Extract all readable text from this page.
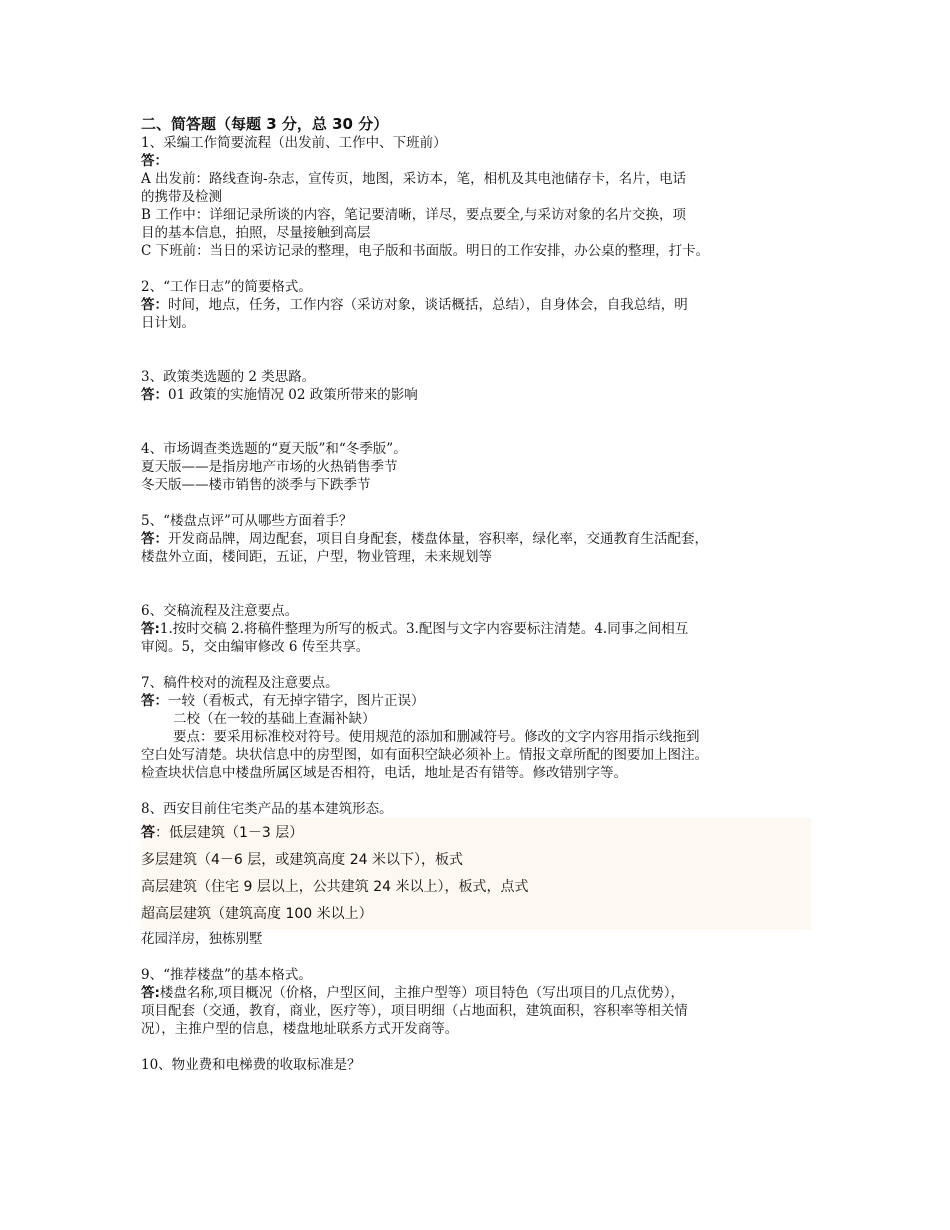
二、简答题（每题 3 分，总 30 分）

1、采编工作简要流程（出发前、工作中、下班前）

答：

A 出发前：路线查询-杂志，宣传页，地图，采访本，笔，相机及其电池储存卡，名片，电话

的携带及检测

B 工作中：详细记录所谈的内容，笔记要清晰，详尽，要点要全,与采访对象的名片交换，项

目的基本信息，拍照，尽量接触到高层

C 下班前：当日的采访记录的整理，电子版和书面版。明日的工作安排，办公桌的整理，打卡。

2、“工作日志”的简要格式。

答：时间，地点，任务，工作内容（采访对象，谈话概括，总结），自身体会，自我总结，明

日计划。

3、政策类选题的 2 类思路。

答：01 政策的实施情况 02 政策所带来的影响

4、市场调查类选题的“夏天版”和“冬季版”。

夏天版——是指房地产市场的火热销售季节

冬天版——楼市销售的淡季与下跌季节

5、“楼盘点评”可从哪些方面着手？

答：开发商品牌，周边配套，项目自身配套，楼盘体量，容积率，绿化率，交通教育生活配套，

楼盘外立面，楼间距，五证，户型，物业管理，未来规划等

6、交稿流程及注意要点。

答:1.按时交稿 2.将稿件整理为所写的板式。3.配图与文字内容要标注清楚。4.同事之间相互

审阅。5，交由编审修改 6 传至共享。

7、稿件校对的流程及注意要点。

答：一较（看板式，有无掉字错字，图片正误）

二校（在一较的基础上查漏补缺）

要点：要采用标准校对符号。使用规范的添加和删减符号。修改的文字内容用指示线拖到

空白处写清楚。块状信息中的房型图，如有面积空缺必须补上。情报文章所配的图要加上图注。

检查块状信息中楼盘所属区域是否相符，电话，地址是否有错等。修改错别字等。

8、西安目前住宅类产品的基本建筑形态。

答：低层建筑（1－3 层）

多层建筑（4－6 层，或建筑高度 24 米以下），板式

高层建筑（住宅 9 层以上，公共建筑 24 米以上），板式，点式

超高层建筑（建筑高度 100 米以上）

花园洋房，独栋别墅

9、“推荐楼盘”的基本格式。

答:楼盘名称,项目概况（价格，户型区间，主推户型等）项目特色（写出项目的几点优势），

项目配套（交通，教育，商业，医疗等），项目明细（占地面积，建筑面积，容积率等相关情

况），主推户型的信息，楼盘地址联系方式开发商等。

10、物业费和电梯费的收取标准是？
